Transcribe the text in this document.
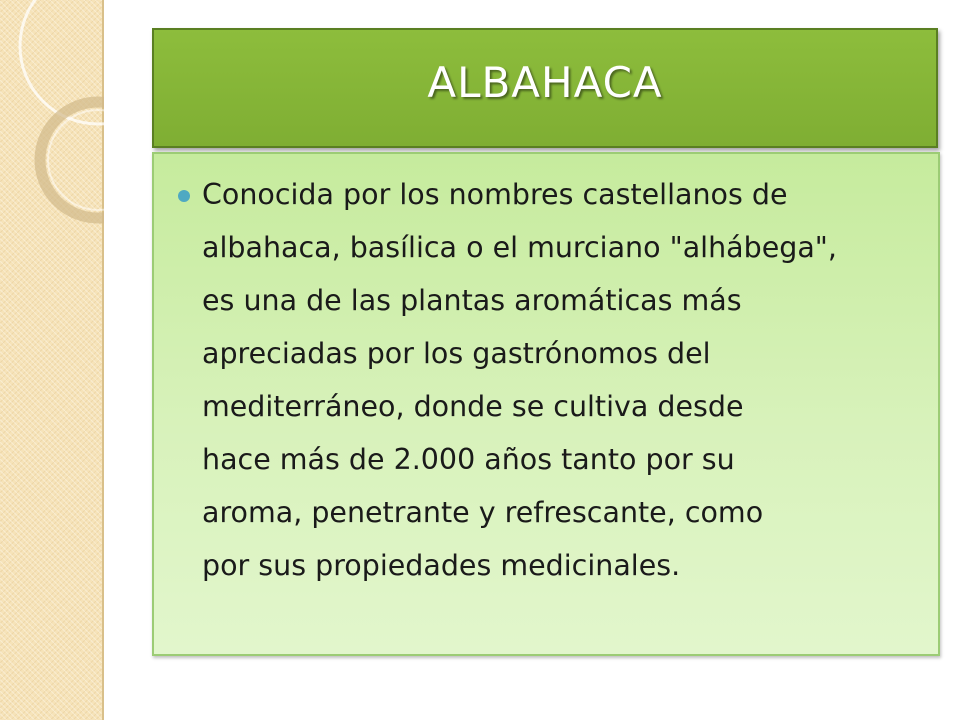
ALBAHACA
Conocida por los nombres castellanos de
albahaca, basílica o el murciano "alhábega",
es una de las plantas aromáticas más
apreciadas por los gastrónomos del
mediterráneo, donde se cultiva desde
hace más de 2.000 años tanto por su
aroma, penetrante y refrescante, como
por sus propiedades medicinales.
